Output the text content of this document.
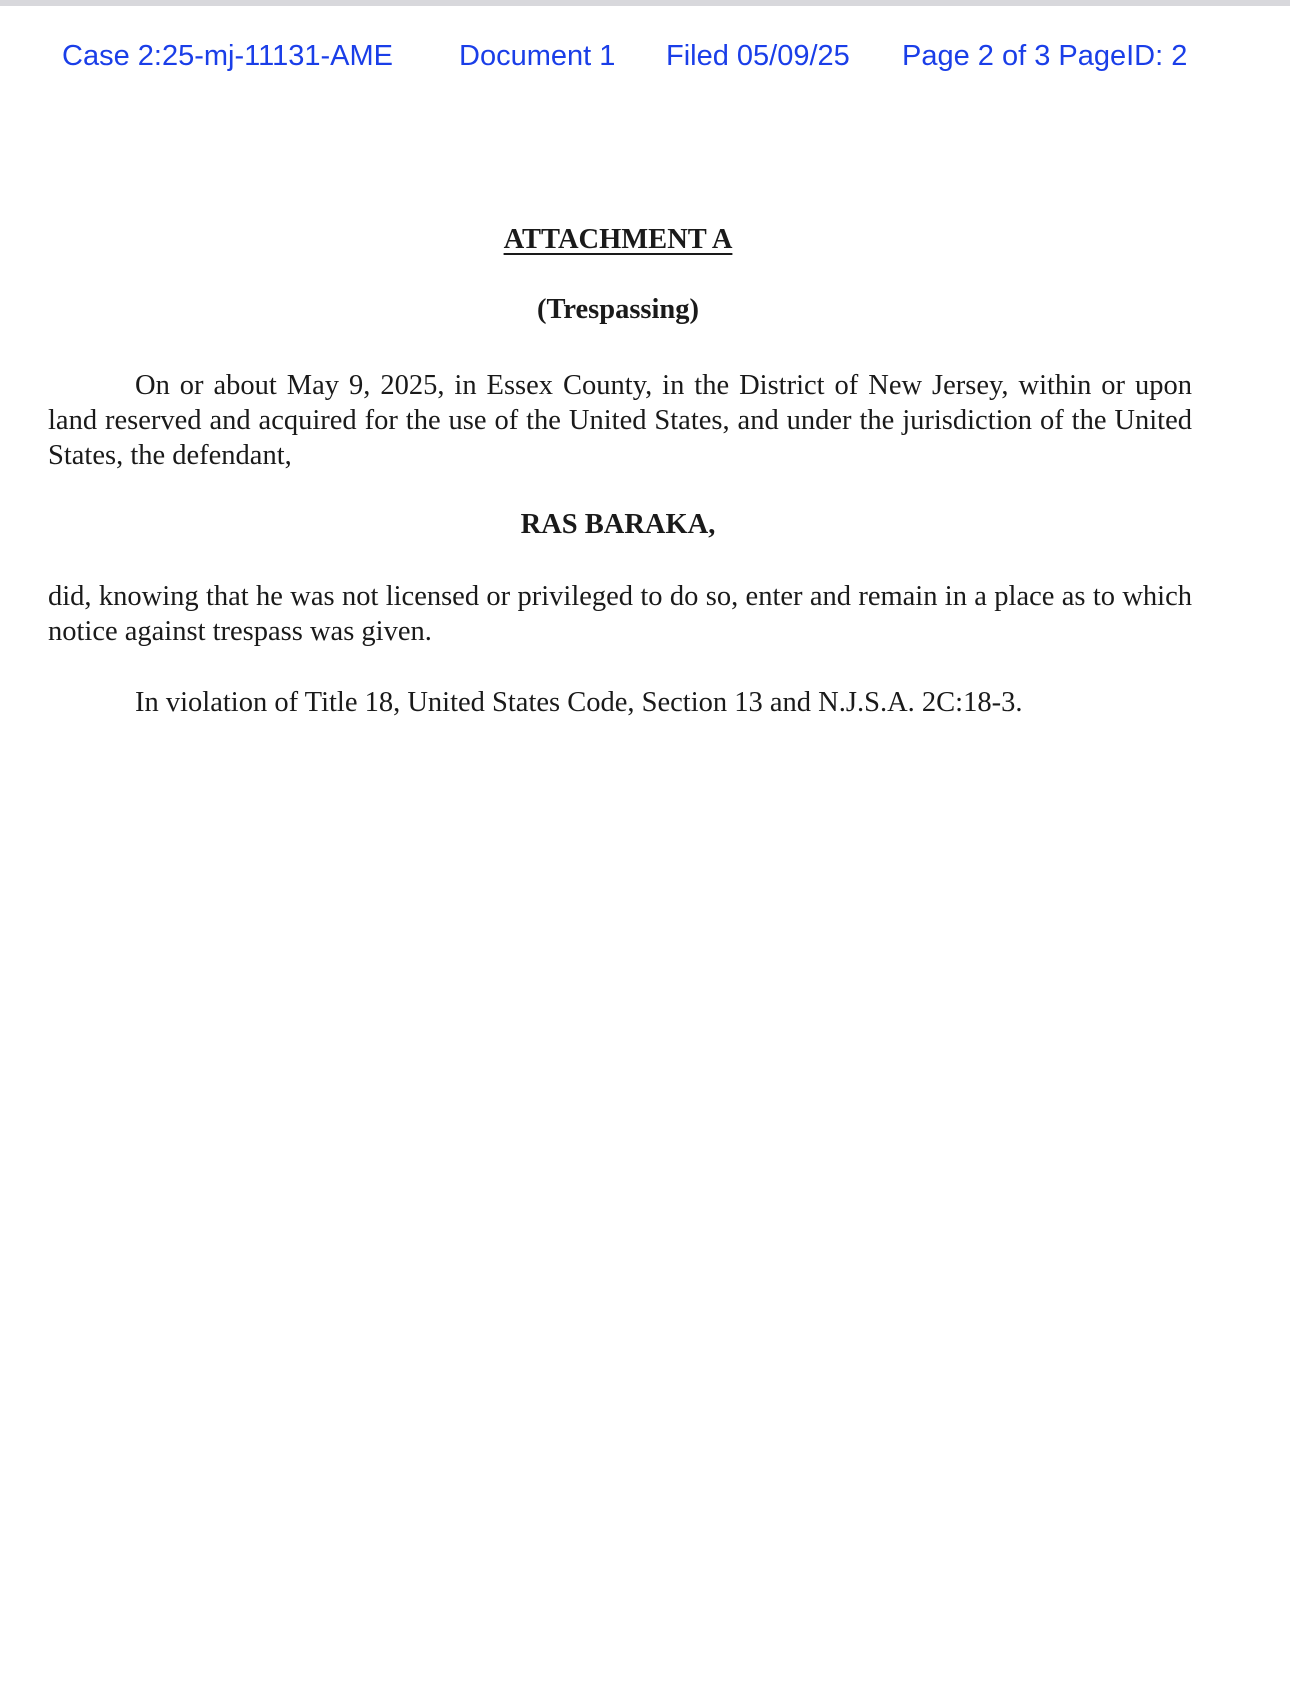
Case 2:25-mj-11131-AME Document 1 Filed 05/09/25 Page 2 of 3 PageID: 2
ATTACHMENT A
(Trespassing)

On or about May 9, 2025, in Essex County, in the District of New Jersey, within or upon land reserved and acquired for the use of the United States, and under the jurisdiction of the United States, the defendant,

RAS BARAKA,

did, knowing that he was not licensed or privileged to do so, enter and remain in a place as to which notice against trespass was given.

In violation of Title 18, United States Code, Section 13 and N.J.S.A. 2C:18-3.
